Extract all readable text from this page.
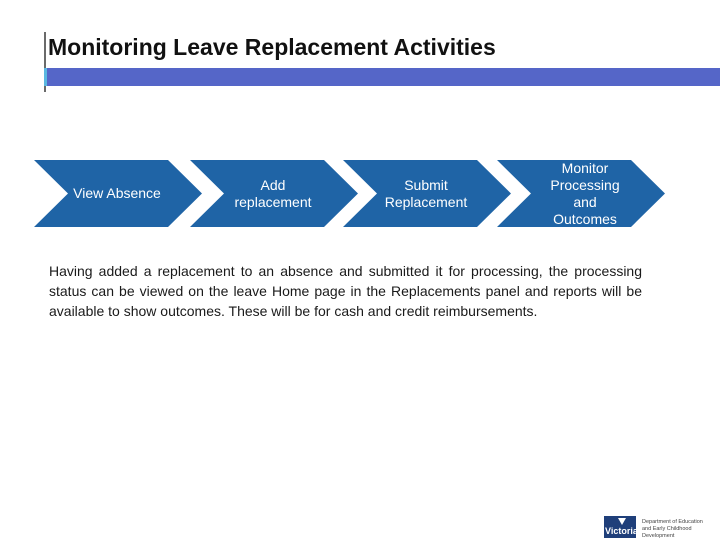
Monitoring Leave Replacement Activities
View Absence
Add replacement
Submit Replacement
Monitor Processing and Outcomes

Having added a replacement to an absence and submitted it for processing, the processing status can be viewed on the leave Home page in the Replacements panel and reports will be available to show outcomes. These will be for cash and credit reimbursements.

Victoria
Department of Education and Early Childhood Development
